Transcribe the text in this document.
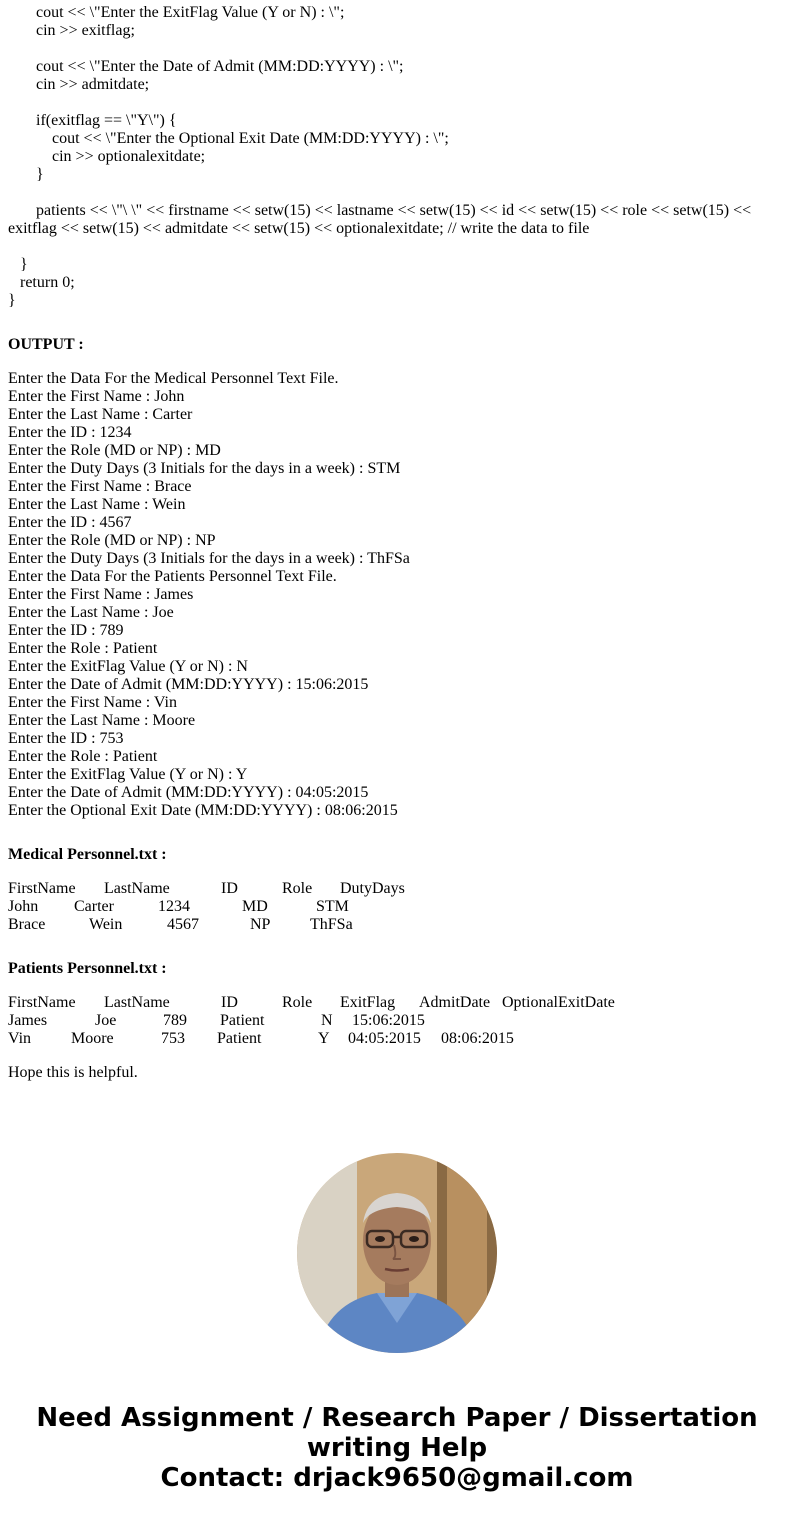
cout << \"Enter the ExitFlag Value (Y or N) : \";
cin >> exitflag;
cout << \"Enter the Date of Admit (MM:DD:YYYY) : \";
cin >> admitdate;
if(exitflag == \"Y\") {
cout << \"Enter the Optional Exit Date (MM:DD:YYYY) : \";
cin >> optionalexitdate;
}
patients << \"\ \" << firstname << setw(15) << lastname << setw(15) << id << setw(15) << role << setw(15) << exitflag << setw(15) << admitdate << setw(15) << optionalexitdate; // write the data to file
}
return 0;
}
OUTPUT :
Enter the Data For the Medical Personnel Text File.
Enter the First Name : John
Enter the Last Name : Carter
Enter the ID : 1234
Enter the Role (MD or NP) : MD
Enter the Duty Days (3 Initials for the days in a week) : STM
Enter the First Name : Brace
Enter the Last Name : Wein
Enter the ID : 4567
Enter the Role (MD or NP) : NP
Enter the Duty Days (3 Initials for the days in a week) : ThFSa
Enter the Data For the Patients Personnel Text File.
Enter the First Name : James
Enter the Last Name : Joe
Enter the ID : 789
Enter the Role : Patient
Enter the ExitFlag Value (Y or N) : N
Enter the Date of Admit (MM:DD:YYYY) : 15:06:2015
Enter the First Name : Vin
Enter the Last Name : Moore
Enter the ID : 753
Enter the Role : Patient
Enter the ExitFlag Value (Y or N) : Y
Enter the Date of Admit (MM:DD:YYYY) : 04:05:2015
Enter the Optional Exit Date (MM:DD:YYYY) : 08:06:2015
Medical Personnel.txt :
FirstName LastName	ID	Role DutyDays
John Carter	1234	MD	STM
Brace	Wein	4567	NP ThFSa
Patients Personnel.txt :
FirstName LastName	ID	Role ExitFlag AdmitDate OptionalExitDate
James	Joe	789 Patient	N 15:06:2015
Vin Moore	753 Patient	Y 04:05:2015 08:06:2015
Hope this is helpful.
Need Assignment / Research Paper / Dissertation
writing Help
Contact: drjack9650@gmail.com
